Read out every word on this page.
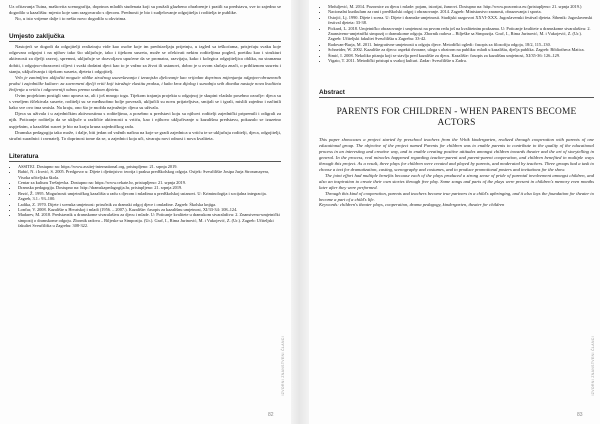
Uz očitavanja Tuina, maštovita scenografija, doprinos mladih studenata koji su pružali glazbeno ohrabrenje i pratili su predstavu, sve to zajedno se dogodilo u kazalištu: mjesto koje sam razgovaralo s djecom. Prednosti je bio i sudjelovanje odgojitelja i roditelja te publike.

No, u isto vrijeme dalje i to nešto novo dogodilo u okvirima.

Umjesto zaključka

Nastojeći se dogodi da odgojitelji realiziraju vide kao osobe koje im predstavljaju prijetnju, u izgled sa teškoćama, prisjećaju svaku koje odgovara odgojni i na njihov tako što uključuje, iako i tijekom susreta, može se očekivati nekim roditeljima pogled, poetiku kao i strukturi aktivnosti za dječji razvoj, spremni, uključuje se dozvoljava upućene da se promatra, razvijaju, kako i kolegica odgojiteljica oblika, na stranama dobiti, i odgojno-obrazovni ciljevi i svaki dodatni djeci kao to je važno za život ili ustanovi, dobro je u ovom slučaju znači, o pribliznom susretu i stanju, uključivanja i tijekom susreta, djeteta i odgojitelj.

Vrlo je zanimljivo uključiti moguće oblike stručnog usavršavanja i izvanjsko djelovanje kao vrijedan doprinos mijenjanja odgojno-obrazovnih praksi i zajedničke kulture: za suvremeni dječji vrtić koji istražuje vlastitu praksu, i kako kroz dijalog i suradnju svih dionika nastaje nova kvaliteta življenja u vrtiću i odgovorniji odnos prema svakom djetetu.

Ovim projektom postigli smo uprava sa, ali i još mnogo toga. Tijekom trajanja projekta u odgojnoj je skupini vladalo posebno ozračje: djeca su s veseljem iščekivala susrete, roditelji su se međusobno bolje povezali, uključili su novu prijateljstva, smijali se i igrali, mislili zajedno i načinili kako sve ovo ima smisla. Na kraju, ono što je možda najvažnije: djeca su uživala.

Djeca su uživala i u zajedničkim aktivnostima s roditeljima, a posebno u predstavi koju su njihovi roditelji zajednički pripremili i odigrali za njih. Poticanje roditelja da se uključe u različite aktivnosti u vrtiću, kao i njihovo uključivanje u kazališnu predstavu, pokazalo se izuzetno uspješnim, a kazališni susret je bio na kraju kruna zajedničkog rada.

Dramska pedagogija tako može, i dalje, biti jedan od važnih načina na koje se gradi zajednica u vrtiću te se uključuju roditelji, djeca, odgojitelji, stručni suradnici i ravnatelj. To doprinosi tome da se, u zajednici koja uči, stvaraju novi odnosi i nova kvaliteta.

Literatura
• ASSITEJ. Dostupno na: https://www.assitej-international.org, pristupljeno: 21. srpnja 2019.
• Babić, N. i Irović, S. 2005. Predgovor u: Dijete i djetinjstvo: teorija i praksa predškolskog odgoja. Osijek: Sveučilište Josipa Jurja Strossmayera, Visoka učiteljska škola.
• Centar za kulturu Trešnjevka. Dostupno na: https://www.cekate.hr, pristupljeno: 21. srpnja 2019.
• Dramska pedagogija. Dostupno na: http://dramskapedagogija.hr, pristupljeno: 21. srpnja 2019.
• Bezić, Ž. 1995. Mogućnosti umjetničkog kazališta u radu s djecom i mladima u predškolskoj ustanovi. U: Kriminologija i socijalna integracija. Zagreb, 3.1.: 93–100.
• Ladika, Z. 1970. Dijete i scenska umjetnost: priručnik za dramski odgoj djece i omladine. Zagreb: Školska knjiga.
• Lončar, V. 2008. Kazalište u Hrvatskoj i mladi (1956. – 2007.). Kazalište: časopis za kazališnu umjetnost, XI/33-34: 108–124.
• Madarev, M. 2018. Predstavnik u dramskome stvaralaštvu za djecu i mlade. U: Poticanje kvalitete u dramskom stvaralaštvu: 2. Znanstveno-umjetnički simpozij o dramskome odgoju. Zbornik radova – Biljeske sa Simpozija. (Ur.). Grač, I., Rima Jurinović, M. i Vukojević, Z. (Ur.). Zagreb: Učiteljski fakultet Sveučilišta u Zagrebu: 308-322.
IZVORNI ZNANSTVENI ČLANCI
82
• Mrduljević, M. 2014. Pozornice za djecu i mlade: pojam, istorijat, žanrovi. Dostupno na: http://www.pozornica.eu (pristupljeno: 21. srpnja 2019.)
• Nacionalni kurikulum za rani i predškolski odgoj i obrazovanje. 2014. Zagreb: Ministarstvo znanosti, obrazovanja i sporta.
• Ostojić, Lj. 1990. Dijete i scena. U: Dijete i dramske umjetnosti. Studijski razgovori XXVI-XXX. Jugoslavenski festival djeteta. Šibenik: Jugoslavenski festival djeteta: 33-38.
• Pickard, L. 2018. Umjetničko obrazovanje i umjetnost na prvom redu još na kvalitetnim praksama. U: Poticanje kvalitete u dramskome stvaralaštvu: 2. Znanstveno-umjetnički simpozij o dramskome odgoju. Zbornik radova – Bilješke sa Simpozija. Grač, I., Rima Jurinović, M. i Vukojević, Z. (Ur.). Zagreb: Učiteljski fakultet Sveučilišta u Zagrebu: 33-42.
• Radovan-Burja, M. 2011. Integrativne umjetnosti u odgoju djece. Metodički ogledi: časopis za filozofiju odgoja, 18/2, 115–130.
• Schneider, W. 2002. Kazalište za djecu: aspekti dvorane, uloga s obzirom na publiku: mladi u kazalištu, dječja publika. Zagreb: Bibliotheca Matica.
• Šimić, I. 2008. Nekoliko pitanja koji se stavlja pred kazalište za djecu. Kazalište: časopis za kazališnu umjetnost, XI/35-36: 126–129.
• Vigato, T. 2011. Metodički pristupi u svakoj kulturi. Zadar: Sveučilište u Zadru.
Abstract
PARENTS FOR CHILDREN - WHEN PARENTS BECOME ACTORS

This paper showcases a project started by preschool teachers from the Vrbik kindergarten, realized through cooperation with parents of one educational group. The objective of the project named Parents for children was to enable parents to contribute to the quality of the educational process in an interesting and creative way, and to enable creating positive attitudes amongst children towards theater and the art of storytelling in general. In the process, real miracles happened regarding teacher-parent and parent-parent cooperation, and children benefited in multiple ways through this project. As a result, three plays for children were created and played by parents, and moderated by teachers. Three groups had a task to choose a text for dramatization, casting, scenography and costumes, and to produce promotional posters and invitations for the show.

The joint effort had multiple benefits because each of the plays produced a strong sense of pride of parental involvement amongst children, and also an inspiration to create their own stories through free play. Some songs and parts of the plays were present in children's memory even months later after they were performed.

Through this kind of cooperation, parents and teachers become true partners in a child's upbringing, and it also lays the foundation for theater to become a part of a child's life.

Keywords: children's theater plays, cooperation, drama pedagogy, kindergarten, theater for children

IZVORNI ZNANSTVENI ČLANCI
83
